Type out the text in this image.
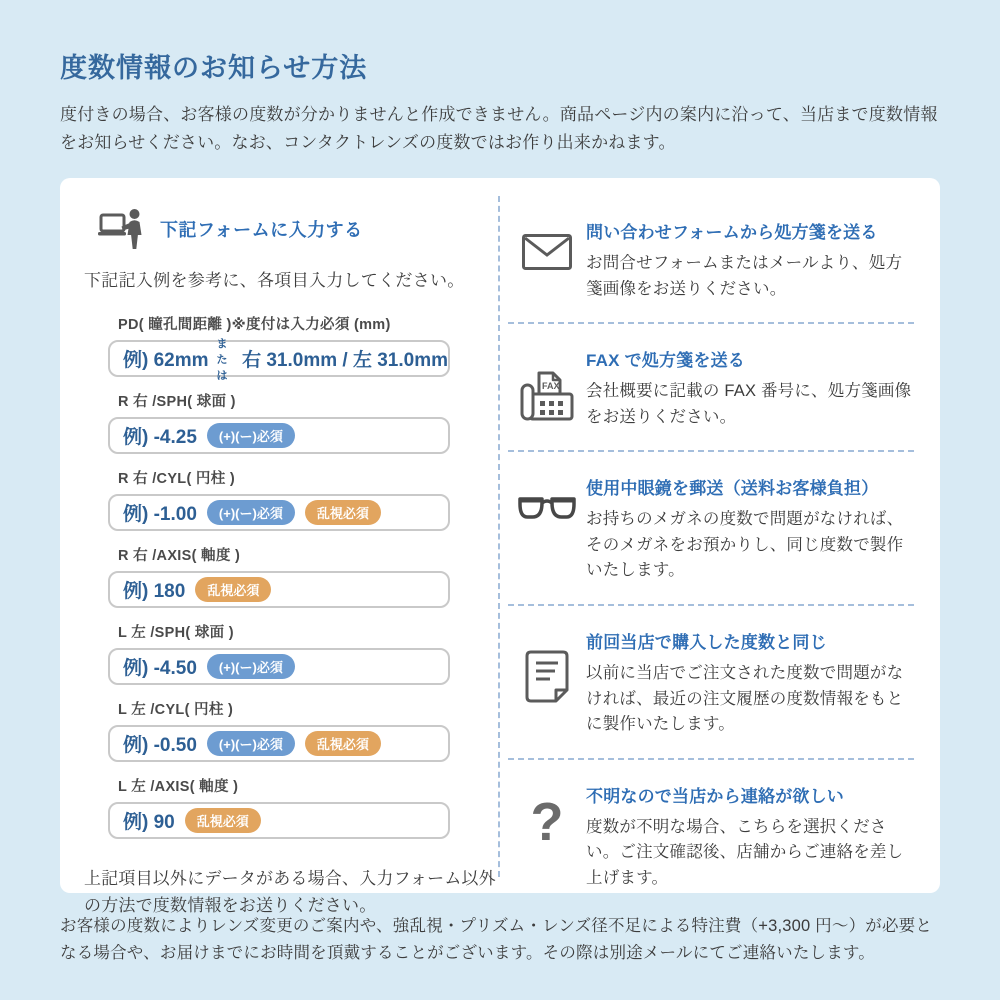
度数情報のお知らせ方法

度付きの場合、お客様の度数が分かりませんと作成できません。商品ページ内の案内に沿って、当店まで度数情報をお知らせください。なお、コンタクトレンズの度数ではお作り出来かねます。

下記フォームに入力する

下記記入例を参考に、各項目入力してください。

PD( 瞳孔間距離 )※度付は入力必須 (mm)
例) 62mm
または
右 31.0mm / 左 31.0mm
R 右 /SPH( 球面 )
例) -4.25	(+)(ー)必須
R 右 /CYL( 円柱 )
例) -1.00	(+)(ー)必須	乱視必須
R 右 /AXIS( 軸度 )
例) 180	乱視必須
L 左 /SPH( 球面 )
例) -4.50	(+)(ー)必須
L 左 /CYL( 円柱 )
例) -0.50	(+)(ー)必須	乱視必須
L 左 /AXIS( 軸度 )
例) 90	乱視必須

上記項目以外にデータがある場合、入力フォーム以外の方法で度数情報をお送りください。

問い合わせフォームから処方箋を送る

お問合せフォームまたはメールより、処方箋画像をお送りください。

FAX
FAX で処方箋を送る

会社概要に記載の FAX 番号に、処方箋画像をお送りください。

使用中眼鏡を郵送（送料お客様負担）

お持ちのメガネの度数で問題がなければ、そのメガネをお預かりし、同じ度数で製作いたします。

前回当店で購入した度数と同じ

以前に当店でご注文された度数で問題がなければ、最近の注文履歴の度数情報をもとに製作いたします。

? 不明なので当店から連絡が欲しい

度数が不明な場合、こちらを選択ください。ご注文確認後、店舗からご連絡を差し上げます。

お客様の度数によりレンズ変更のご案内や、強乱視・プリズム・レンズ径不足による特注費（+3,300 円〜）が必要となる場合や、お届けまでにお時間を頂戴することがございます。その際は別途メールにてご連絡いたします。
